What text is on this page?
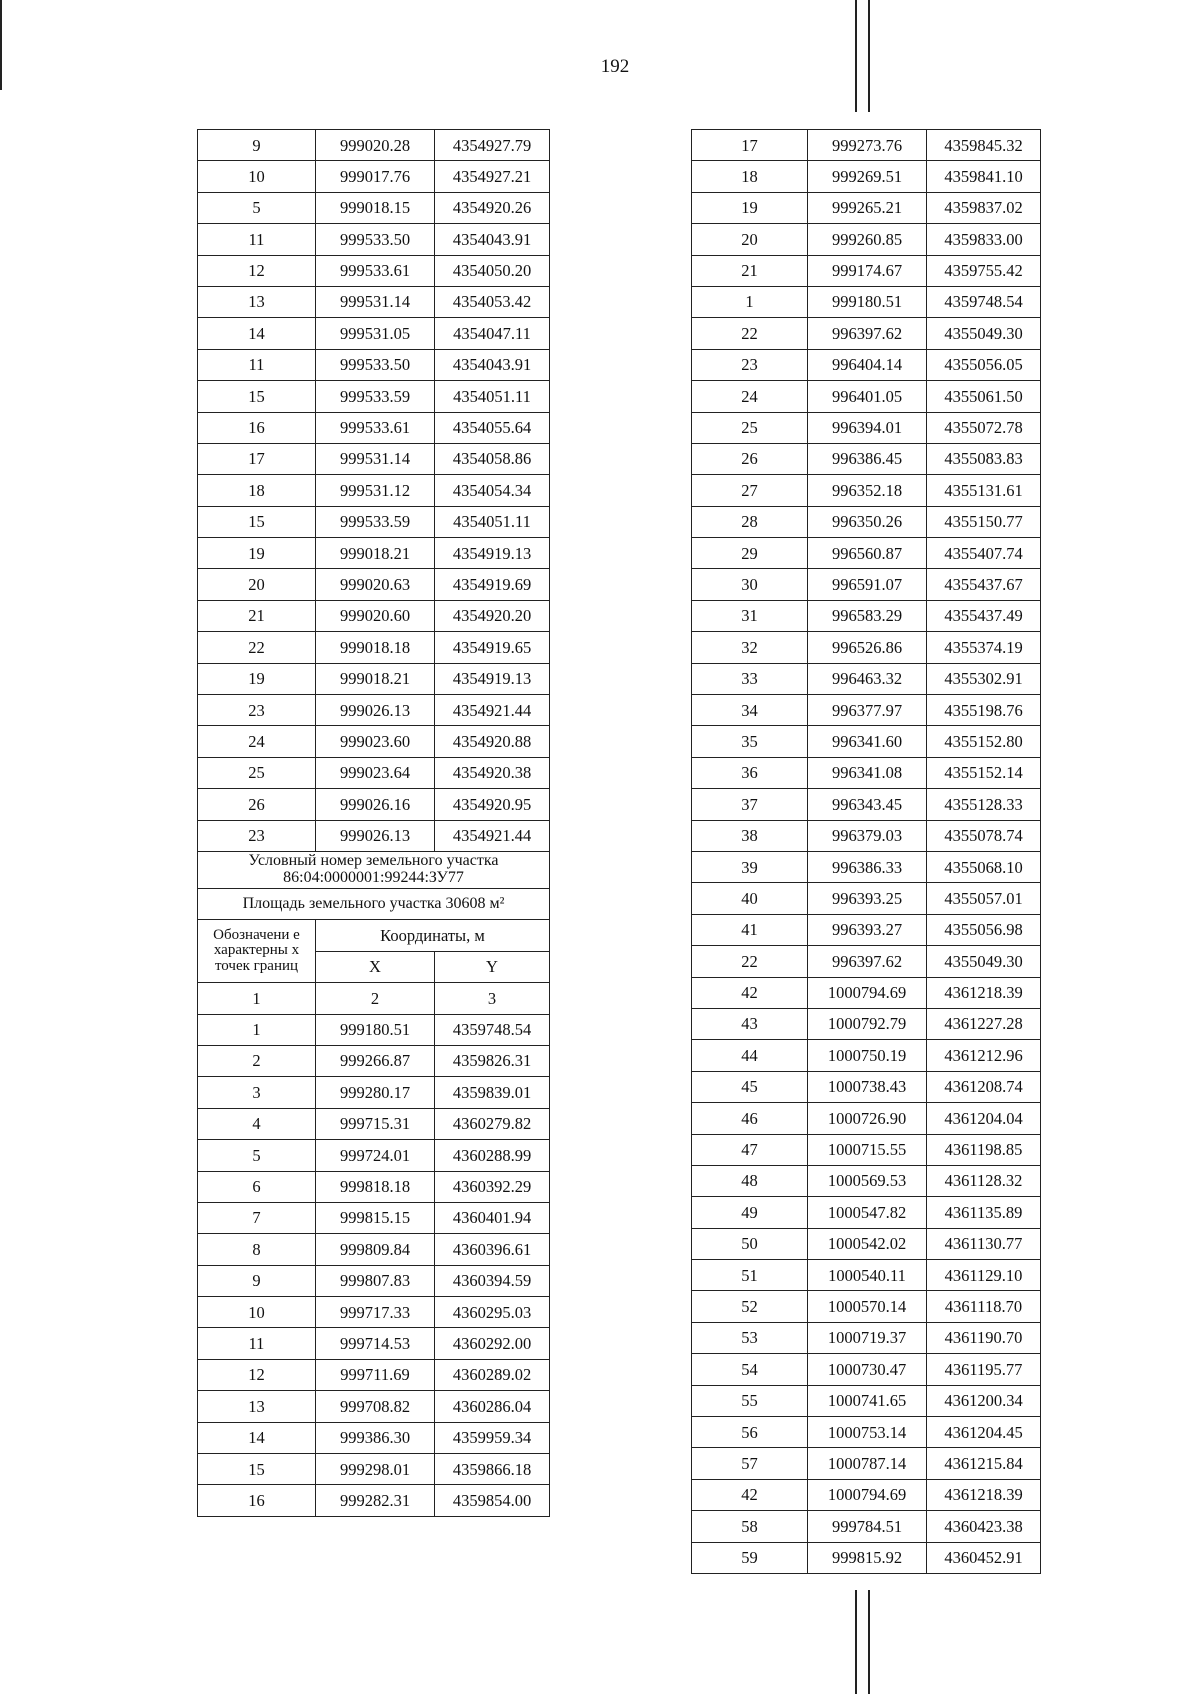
192
9	999020.28	4354927.79
10	999017.76	4354927.21
5	999018.15	4354920.26
11	999533.50	4354043.91
12	999533.61	4354050.20
13	999531.14	4354053.42
14	999531.05	4354047.11
11	999533.50	4354043.91
15	999533.59	4354051.11
16	999533.61	4354055.64
17	999531.14	4354058.86
18	999531.12	4354054.34
15	999533.59	4354051.11
19	999018.21	4354919.13
20	999020.63	4354919.69
21	999020.60	4354920.20
22	999018.18	4354919.65
19	999018.21	4354919.13
23	999026.13	4354921.44
24	999023.60	4354920.88
25	999023.64	4354920.38
26	999026.16	4354920.95
23	999026.13	4354921.44
Условный номер земельного участка 86:04:0000001:99244:ЗУ77		
Площадь земельного участка 30608 м²		
Обозначени е характерны х точек границ	Координаты, м	
	X	Y
1	2	3
1	999180.51	4359748.54
2	999266.87	4359826.31
3	999280.17	4359839.01
4	999715.31	4360279.82
5	999724.01	4360288.99
6	999818.18	4360392.29
7	999815.15	4360401.94
8	999809.84	4360396.61
9	999807.83	4360394.59
10	999717.33	4360295.03
11	999714.53	4360292.00
12	999711.69	4360289.02
13	999708.82	4360286.04
14	999386.30	4359959.34
15	999298.01	4359866.18
16	999282.31	4359854.00
17	999273.76	4359845.32
18	999269.51	4359841.10
19	999265.21	4359837.02
20	999260.85	4359833.00
21	999174.67	4359755.42
1	999180.51	4359748.54
22	996397.62	4355049.30
23	996404.14	4355056.05
24	996401.05	4355061.50
25	996394.01	4355072.78
26	996386.45	4355083.83
27	996352.18	4355131.61
28	996350.26	4355150.77
29	996560.87	4355407.74
30	996591.07	4355437.67
31	996583.29	4355437.49
32	996526.86	4355374.19
33	996463.32	4355302.91
34	996377.97	4355198.76
35	996341.60	4355152.80
36	996341.08	4355152.14
37	996343.45	4355128.33
38	996379.03	4355078.74
39	996386.33	4355068.10
40	996393.25	4355057.01
41	996393.27	4355056.98
22	996397.62	4355049.30
42	1000794.69	4361218.39
43	1000792.79	4361227.28
44	1000750.19	4361212.96
45	1000738.43	4361208.74
46	1000726.90	4361204.04
47	1000715.55	4361198.85
48	1000569.53	4361128.32
49	1000547.82	4361135.89
50	1000542.02	4361130.77
51	1000540.11	4361129.10
52	1000570.14	4361118.70
53	1000719.37	4361190.70
54	1000730.47	4361195.77
55	1000741.65	4361200.34
56	1000753.14	4361204.45
57	1000787.14	4361215.84
42	1000794.69	4361218.39
58	999784.51	4360423.38
59	999815.92	4360452.91
